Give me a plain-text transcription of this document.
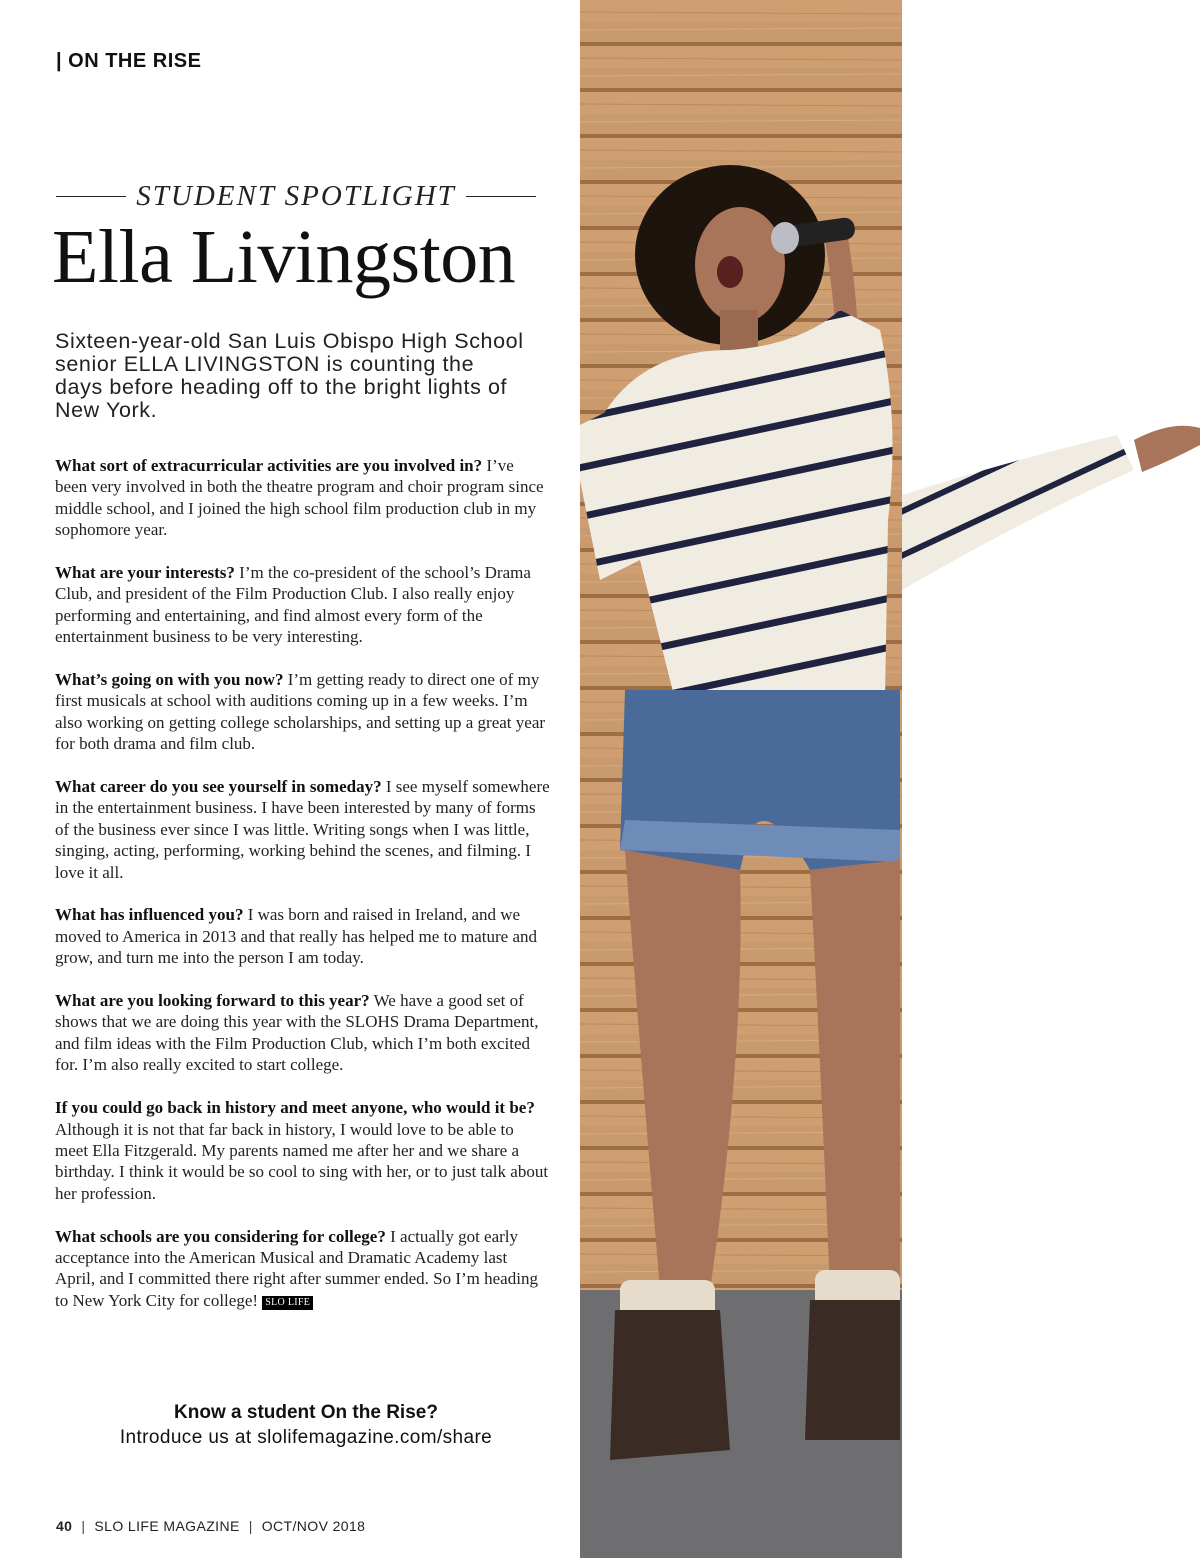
| ON THE RISE
STUDENT SPOTLIGHT
Ella Livingston
Sixteen-year-old San Luis Obispo High School senior ELLA LIVINGSTON is counting the days before heading off to the bright lights of New York.

What sort of extracurricular activities are you involved in? I’ve been very involved in both the theatre program and choir program since middle school, and I joined the high school film production club in my sophomore year.

What are your interests? I’m the co-president of the school’s Drama Club, and president of the Film Production Club. I also really enjoy performing and entertaining, and find almost every form of the entertainment business to be very interesting.

What’s going on with you now? I’m getting ready to direct one of my first musicals at school with auditions coming up in a few weeks. I’m also working on getting college scholarships, and setting up a great year for both drama and film club.

What career do you see yourself in someday? I see myself somewhere in the entertainment business. I have been interested by many of forms of the business ever since I was little. Writing songs when I was little, singing, acting, performing, working behind the scenes, and filming. I love it all.

What has influenced you? I was born and raised in Ireland, and we moved to America in 2013 and that really has helped me to mature and grow, and turn me into the person I am today.

What are you looking forward to this year? We have a good set of shows that we are doing this year with the SLOHS Drama Department, and film ideas with the Film Production Club, which I’m both excited for. I’m also really excited to start college.

If you could go back in history and meet anyone, who would it be? Although it is not that far back in history, I would love to be able to meet Ella Fitzgerald. My parents named me after her and we share a birthday. I think it would be so cool to sing with her, or to just talk about her profession.

What schools are you considering for college? I actually got early acceptance into the American Musical and Dramatic Academy last April, and I committed there right after summer ended. So I’m heading to New York City for college! SLO LIFE

Know a student On the Rise?
Introduce us at slolifemagazine.com/share
40 | SLO LIFE MAGAZINE | OCT/NOV 2018
